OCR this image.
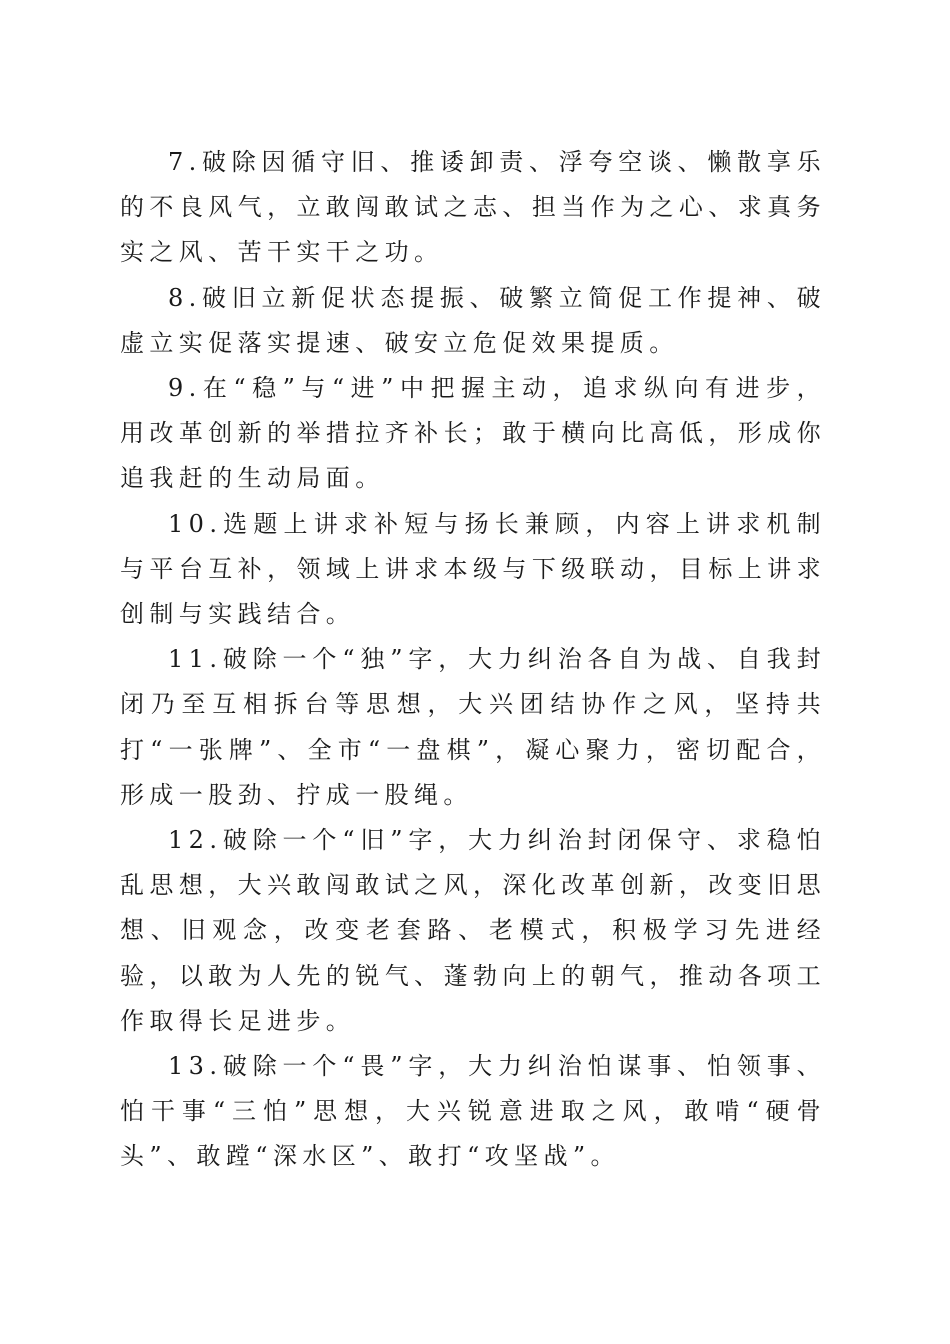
7.破除因循守旧、推诿卸责、浮夸空谈、懒散享乐的不良风气，立敢闯敢试之志、担当作为之心、求真务实之风、苦干实干之功。

8.破旧立新促状态提振、破繁立简促工作提神、破虚立实促落实提速、破安立危促效果提质。

9.在“稳”与“进”中把握主动，追求纵向有进步，用改革创新的举措拉齐补长；敢于横向比高低，形成你追我赶的生动局面。

10.选题上讲求补短与扬长兼顾，内容上讲求机制与平台互补，领域上讲求本级与下级联动，目标上讲求创制与实践结合。

11.破除一个“独”字，大力纠治各自为战、自我封闭乃至互相拆台等思想，大兴团结协作之风，坚持共打“一张牌”、全市“一盘棋”，凝心聚力，密切配合，形成一股劲、拧成一股绳。

12.破除一个“旧”字，大力纠治封闭保守、求稳怕乱思想，大兴敢闯敢试之风，深化改革创新，改变旧思想、旧观念，改变老套路、老模式，积极学习先进经验，以敢为人先的锐气、蓬勃向上的朝气，推动各项工作取得长足进步。

13.破除一个“畏”字，大力纠治怕谋事、怕领事、怕干事“三怕”思想，大兴锐意进取之风，敢啃“硬骨头”、敢蹚“深水区”、敢打“攻坚战”。
